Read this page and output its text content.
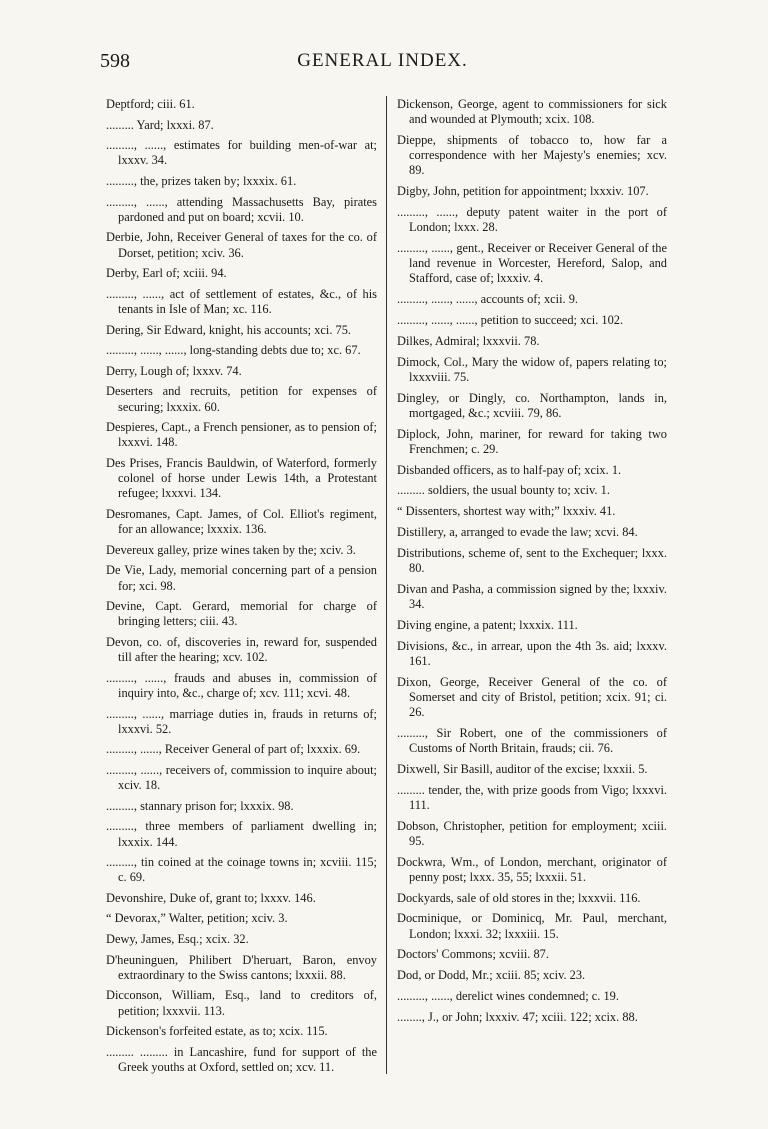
598	GENERAL INDEX.
Deptford; ciii. 61.
......... Yard; lxxxi. 87.
........., ......, estimates for building men-of-war at; lxxxv. 34.
........., the, prizes taken by; lxxxix. 61.
........., ......, attending Massachusetts Bay, pirates pardoned and put on board; xcvii. 10.
Derbie, John, Receiver General of taxes for the co. of Dorset, petition; xciv. 36.
Derby, Earl of; xciii. 94.
........., ......, act of settlement of estates, &c., of his tenants in Isle of Man; xc. 116.
Dering, Sir Edward, knight, his accounts; xci. 75.
........., ......, ......, long-standing debts due to; xc. 67.
Derry, Lough of; lxxxv. 74.
Deserters and recruits, petition for expenses of securing; lxxxix. 60.
Despieres, Capt., a French pensioner, as to pension of; lxxxvi. 148.
Des Prises, Francis Bauldwin, of Waterford, formerly colonel of horse under Lewis 14th, a Protestant refugee; lxxxvi. 134.
Desromanes, Capt. James, of Col. Elliot's regiment, for an allowance; lxxxix. 136.
Devereux galley, prize wines taken by the; xciv. 3.
De Vie, Lady, memorial concerning part of a pension for; xci. 98.
Devine, Capt. Gerard, memorial for charge of bringing letters; ciii. 43.
Devon, co. of, discoveries in, reward for, suspended till after the hearing; xcv. 102.
........., ......, frauds and abuses in, commission of inquiry into, &c., charge of; xcv. 111; xcvi. 48.
........., ......, marriage duties in, frauds in returns of; lxxxvi. 52.
........., ......, Receiver General of part of; lxxxix. 69.
........., ......, receivers of, commission to inquire about; xciv. 18.
........., stannary prison for; lxxxix. 98.
........., three members of parliament dwelling in; lxxxix. 144.
........., tin coined at the coinage towns in; xcviii. 115; c. 69.
Devonshire, Duke of, grant to; lxxxv. 146.
“ Devorax,” Walter, petition; xciv. 3.
Dewy, James, Esq.; xcix. 32.
D'heuninguen, Philibert D'heruart, Baron, envoy extraordinary to the Swiss cantons; lxxxii. 88.
Dicconson, William, Esq., land to creditors of, petition; lxxxvii. 113.
Dickenson's forfeited estate, as to; xcix. 115.
......... ......... in Lancashire, fund for support of the Greek youths at Oxford, settled on; xcv. 11.
Dickenson, George, agent to commissioners for sick and wounded at Plymouth; xcix. 108.
Dieppe, shipments of tobacco to, how far a correspondence with her Majesty's enemies; xcv. 89.
Digby, John, petition for appointment; lxxxiv. 107.
........., ......, deputy patent waiter in the port of London; lxxx. 28.
........., ......, gent., Receiver or Receiver General of the land revenue in Worcester, Hereford, Salop, and Stafford, case of; lxxxiv. 4.
........., ......, ......, accounts of; xcii. 9.
........., ......, ......, petition to succeed; xci. 102.
Dilkes, Admiral; lxxxvii. 78.
Dimock, Col., Mary the widow of, papers relating to; lxxxviii. 75.
Dingley, or Dingly, co. Northampton, lands in, mortgaged, &c.; xcviii. 79, 86.
Diplock, John, mariner, for reward for taking two Frenchmen; c. 29.
Disbanded officers, as to half-pay of; xcix. 1.
......... soldiers, the usual bounty to; xciv. 1.
“ Dissenters, shortest way with;” lxxxiv. 41.
Distillery, a, arranged to evade the law; xcvi. 84.
Distributions, scheme of, sent to the Exchequer; lxxx. 80.
Divan and Pasha, a commission signed by the; lxxxiv. 34.
Diving engine, a patent; lxxxix. 111.
Divisions, &c., in arrear, upon the 4th 3s. aid; lxxxv. 161.
Dixon, George, Receiver General of the co. of Somerset and city of Bristol, petition; xcix. 91; ci. 26.
........., Sir Robert, one of the commissioners of Customs of North Britain, frauds; cii. 76.
Dixwell, Sir Basill, auditor of the excise; lxxxii. 5.
......... tender, the, with prize goods from Vigo; lxxxvi. 111.
Dobson, Christopher, petition for employment; xciii. 95.
Dockwra, Wm., of London, merchant, originator of penny post; lxxx. 35, 55; lxxxii. 51.
Dockyards, sale of old stores in the; lxxxvii. 116.
Docminique, or Dominicq, Mr. Paul, merchant, London; lxxxi. 32; lxxxiii. 15.
Doctors' Commons; xcviii. 87.
Dod, or Dodd, Mr.; xciii. 85; xciv. 23.
........., ......, derelict wines condemned; c. 19.
........, J., or John; lxxxiv. 47; xciii. 122; xcix. 88.
